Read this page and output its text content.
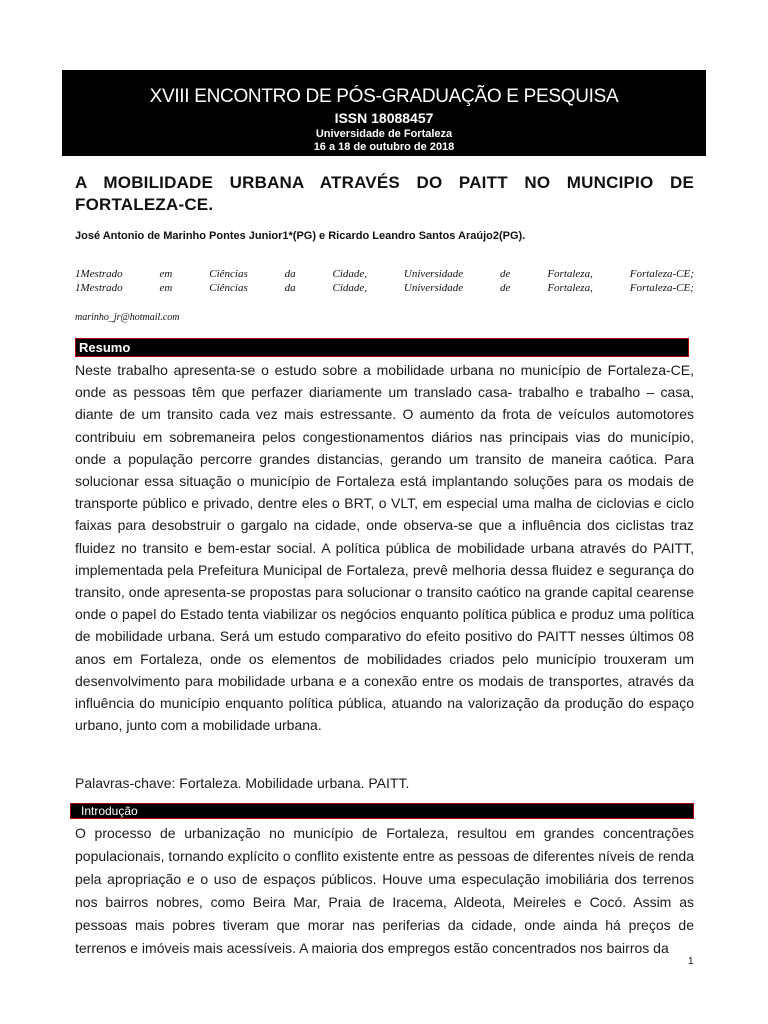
XVIII ENCONTRO DE PÓS-GRADUAÇÃO E PESQUISA
ISSN 18088457
Universidade de Fortaleza
16 a 18 de outubro de 2018
A MOBILIDADE URBANA ATRAVÉS DO PAITT NO MUNCIPIO DE FORTALEZA-CE.
José Antonio de Marinho Pontes Junior1*(PG) e Ricardo Leandro Santos Araújo2(PG).
1Mestrado	em	Ciências	da	Cidade,	Universidade	de	Fortaleza,	Fortaleza-CE;
1Mestrado	em	Ciências	da	Cidade,	Universidade	de	Fortaleza,	Fortaleza-CE;
marinho_jr@hotmail.com
Resumo

Neste trabalho apresenta-se o estudo sobre a mobilidade urbana no município de Fortaleza-CE, onde as pessoas têm que perfazer diariamente um translado casa- trabalho e trabalho – casa, diante de um transito cada vez mais estressante. O aumento da frota de veículos automotores contribuiu em sobremaneira pelos congestionamentos diários nas principais vias do município, onde a população percorre grandes distancias, gerando um transito de maneira caótica. Para solucionar essa situação o município de Fortaleza está implantando soluções para os modais de transporte público e privado, dentre eles o BRT, o VLT, em especial uma malha de ciclovias e ciclo faixas para desobstruir o gargalo na cidade, onde observa-se que a influência dos ciclistas traz fluidez no transito e bem-estar social. A política pública de mobilidade urbana através do PAITT, implementada pela Prefeitura Municipal de Fortaleza, prevê melhoria dessa fluidez e segurança do transito, onde apresenta-se propostas para solucionar o transito caótico na grande capital cearense onde o papel do Estado tenta viabilizar os negócios enquanto política pública e produz uma política de mobilidade urbana. Será um estudo comparativo do efeito positivo do PAITT nesses últimos 08 anos em Fortaleza, onde os elementos de mobilidades criados pelo município trouxeram um desenvolvimento para mobilidade urbana e a conexão entre os modais de transportes, através da influência do município enquanto política pública, atuando na valorização da produção do espaço urbano, junto com a mobilidade urbana.

Palavras-chave: Fortaleza. Mobilidade urbana. PAITT.
Introdução

O processo de urbanização no município de Fortaleza, resultou em grandes concentrações populacionais, tornando explícito o conflito existente entre as pessoas de diferentes níveis de renda pela apropriação e o uso de espaços públicos. Houve uma especulação imobiliária dos terrenos nos bairros nobres, como Beira Mar, Praia de Iracema, Aldeota, Meireles e Cocó. Assim as pessoas mais pobres tiveram que morar nas periferias da cidade, onde ainda há preços de terrenos e imóveis mais acessíveis. A maioria dos empregos estão concentrados nos bairros da

1
